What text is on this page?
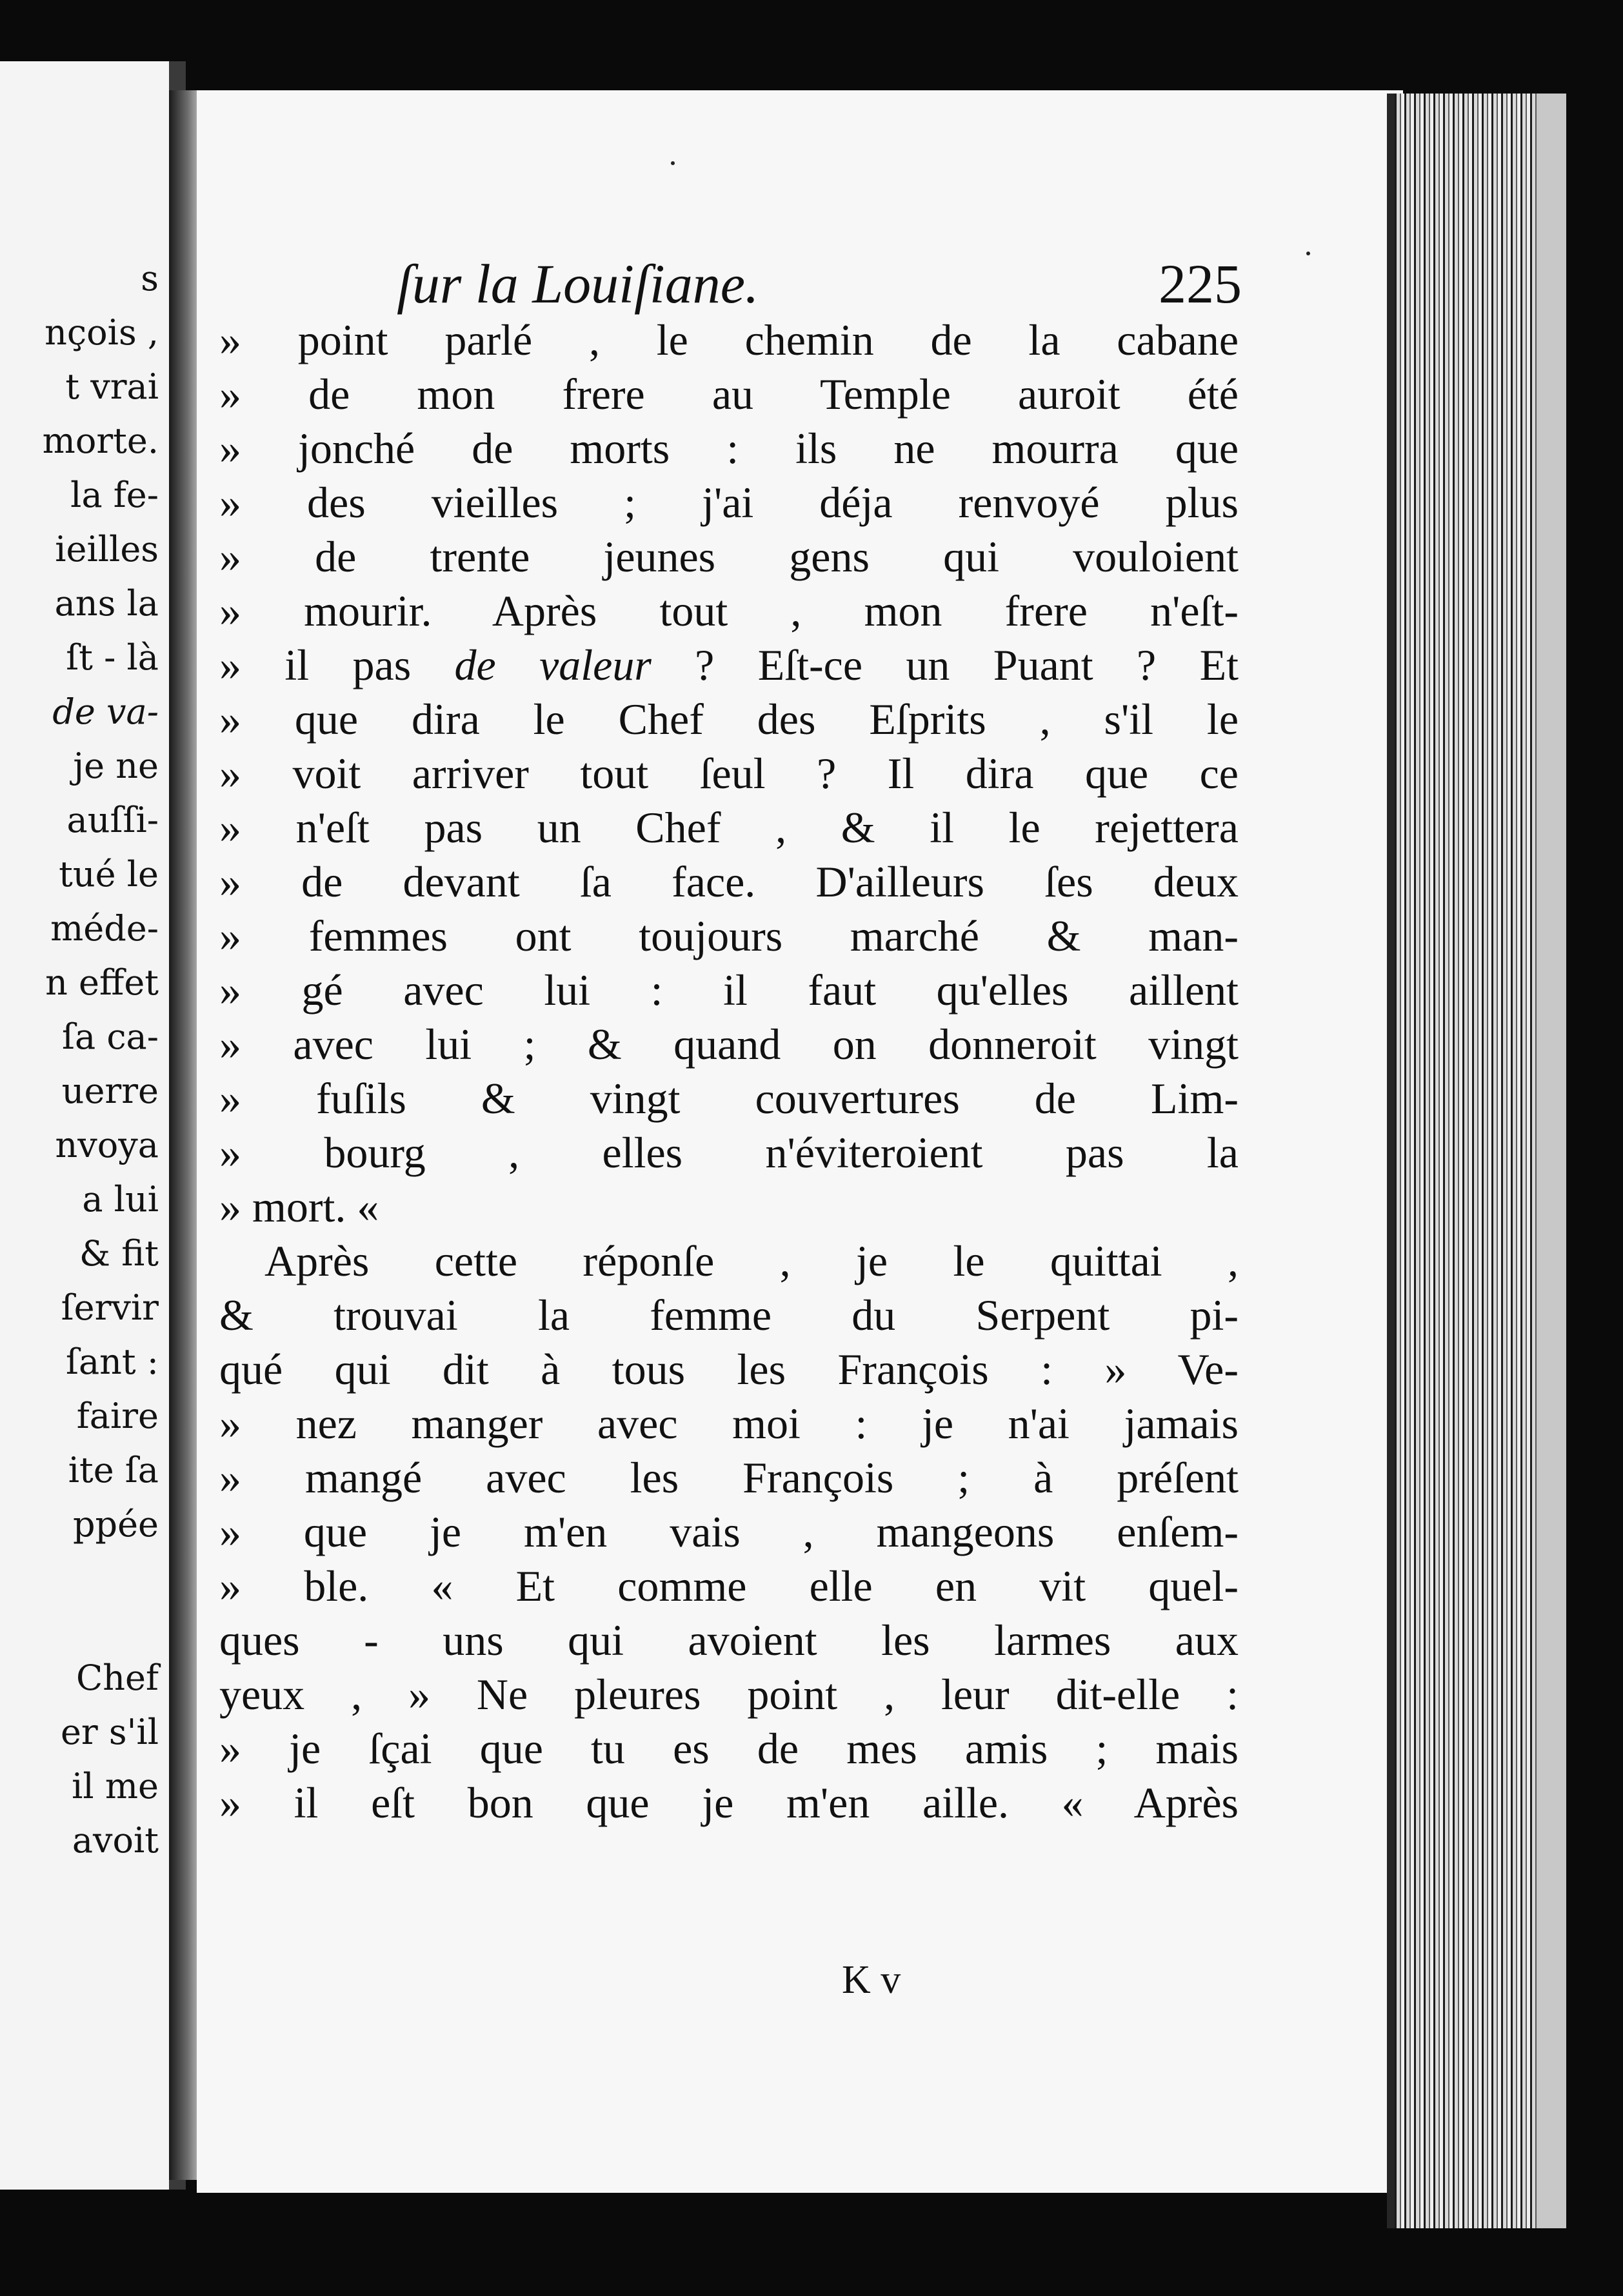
s
nçois ,
t vrai
morte.
la fe-
ieilles
ans la
ſt - là
de va-
je ne
auſſi-
tué le
médе-
n effet
ſa ca-
uerre
nvoya
a lui
& fit
ſervir
ſant :
faire
ite ſa
ppée
Chef
er s'il
il me
avoit
ſur la Louiſiane.	225
» point parlé , le chemin de la cabane
» de mon frere au Temple auroit été
» jonché de morts : ils ne mourra que
» des vieilles ; j'ai déja renvoyé plus
» de trente jeunes gens qui vouloient
» mourir. Après tout , mon frere n'eſt-
» il pas de valeur ? Eſt-ce un Puant ? Et
» que dira le Chef des Eſprits , s'il le
» voit arriver tout ſeul ? Il dira que ce
» n'eſt pas un Chef , & il le rejettera
» de devant ſa face. D'ailleurs ſes deux
» femmes ont toujours marché & man-
» gé avec lui : il faut qu'elles aillent
» avec lui ; & quand on donneroit vingt
» fuſils & vingt couvertures de Lim-
» bourg , elles n'éviteroient pas la
» mort. «
Après cette réponſe , je le quittai ,
& trouvai la femme du Serpent pi-
qué qui dit à tous les François : » Ve-
» nez manger avec moi : je n'ai jamais
» mangé avec les François ; à préſent
» que je m'en vais , mangeons enſem-
» ble. « Et comme elle en vit quel-
ques - uns qui avoient les larmes aux
yeux , » Ne pleures point , leur dit-elle :
» je ſçai que tu es de mes amis ; mais
» il eſt bon que je m'en aille. « Après
K v
